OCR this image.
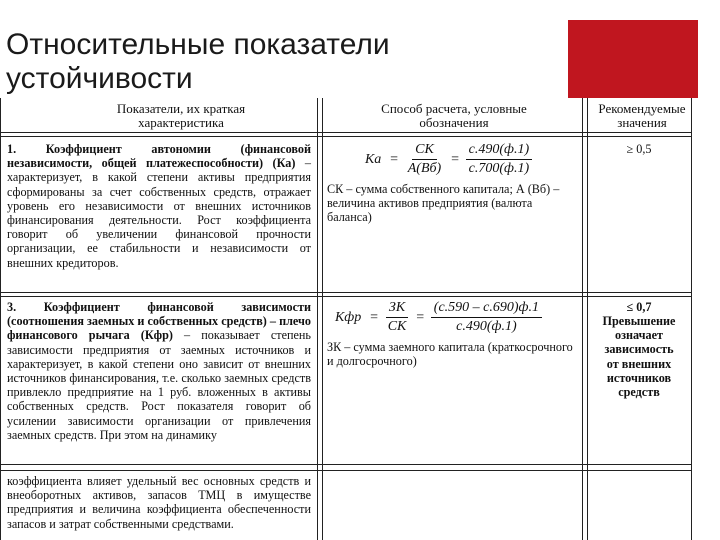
Относительные показатели
устойчивости
Показатели, их краткая характеристика
Способ расчета, условные обозначения
Рекомендуемые значения
1. Коэффициент автономии (финансовой независимости, общей платежеспособности) (Ка) – характеризует, в какой степени активы предприятия сформированы за счет собственных средств, отражает уровень его независимости от внешних источников финансирования деятельности. Рост коэффициента говорит об увеличении финансовой прочности организации, ее стабильности и независимости от внешних кредиторов.
Ка = $\frac{СК}{А(Вб)} = \frac{с.490(ф.1)}{с.700(ф.1)}$
СК – сумма собственного капитала; А (Вб) – величина активов предприятия (валюта баланса)
≥ 0,5
3. Коэффициент финансовой зависимости (соотношения заемных и собственных средств) – плечо финансового рычага (Кфр) – показывает степень зависимости предприятия от заемных источников и характеризует, в какой степени оно зависит от внешних источников финансирования, т.е. сколько заемных средств привлекло предприятие на 1 руб. вложенных в активы собственных средств. Рост показателя говорит об усилении зависимости организации от привлечения заемных средств. При этом на динамику
Кфр = $\frac{ЗК}{СК} = \frac{(с.590 - с.690)ф.1}{с.490(ф.1)}$
ЗК – сумма заемного капитала (краткосрочного и долгосрочного)
≤ 0,7
Превышение означает зависимость от внешних источников средств
коэффициента влияет удельный вес основных средств и внеоборотных активов, запасов ТМЦ в имуществе предприятия и величина коэффициента обеспеченности запасов и затрат собственными средствами.
